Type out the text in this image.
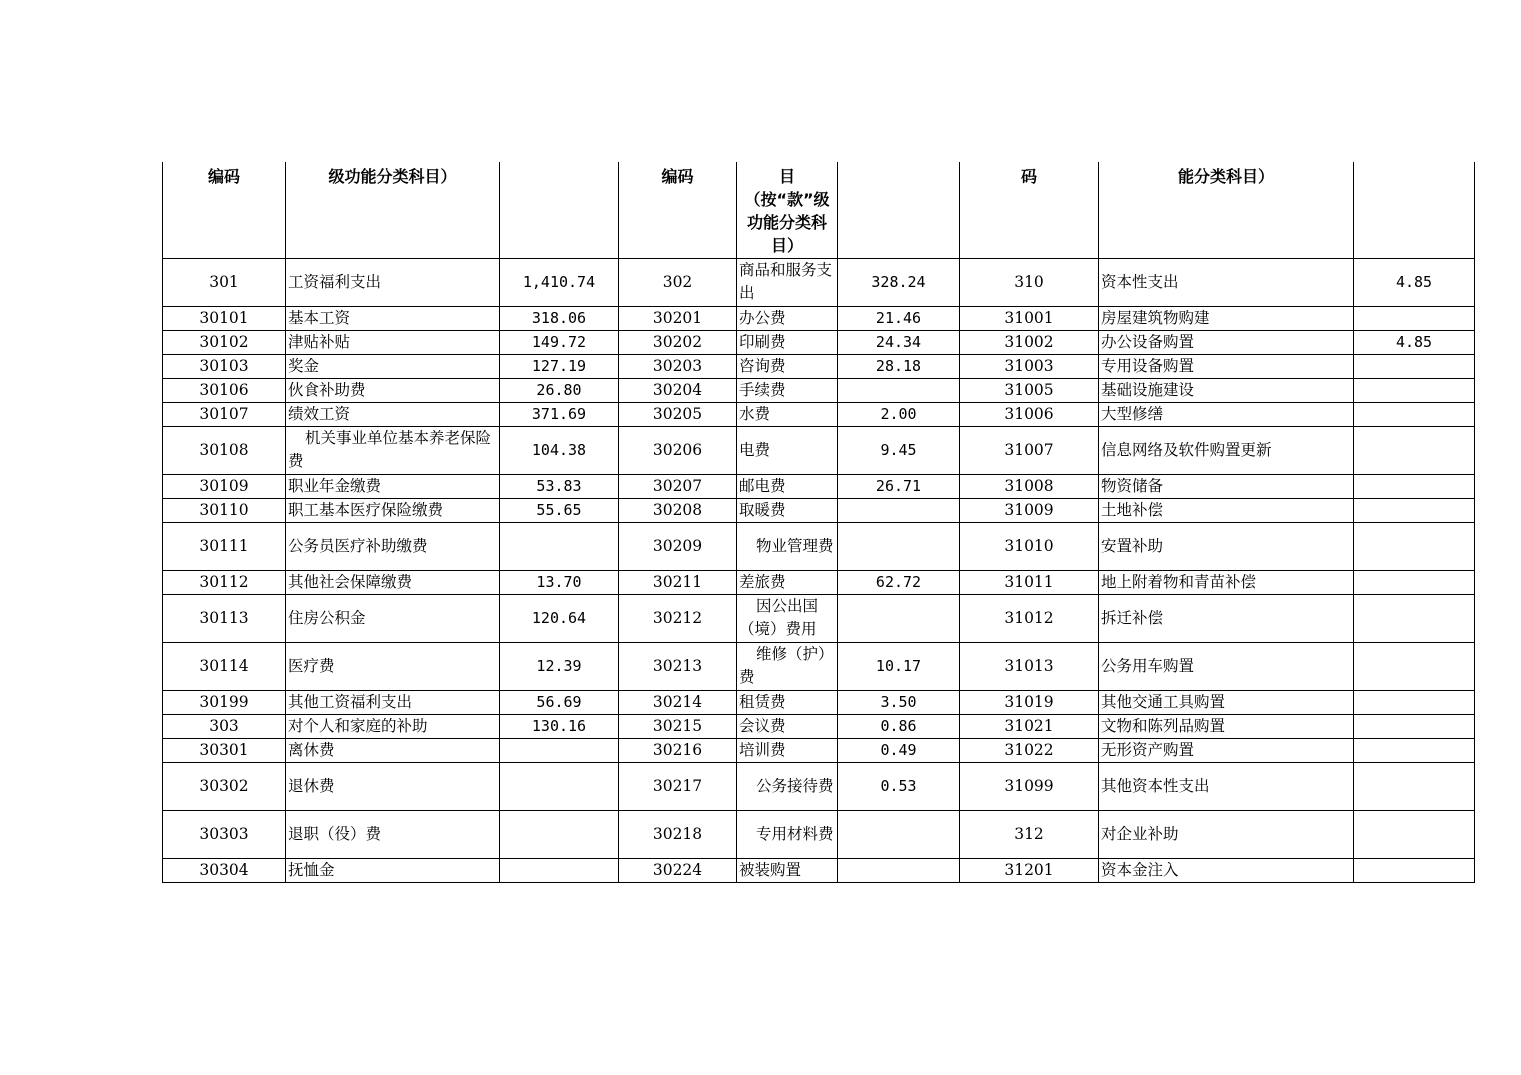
编码	级功能分类科目）		编码	目（按“款”级功能分类科目）		码	能分类科目）	
301	工资福利支出	1,410.74	302	商品和服务支出	328.24	310	资本性支出	4.85
30101	基本工资	318.06	30201	办公费	21.46	31001	房屋建筑物购建	
30102	津贴补贴	149.72	30202	印刷费	24.34	31002	办公设备购置	4.85
30103	奖金	127.19	30203	咨询费	28.18	31003	专用设备购置	
30106	伙食补助费	26.80	30204	手续费		31005	基础设施建设	
30107	绩效工资	371.69	30205	水费	2.00	31006	大型修缮	
30108	机关事业单位基本养老保险费	104.38	30206	电费	9.45	31007	信息网络及软件购置更新	
30109	职业年金缴费	53.83	30207	邮电费	26.71	31008	物资储备	
30110	职工基本医疗保险缴费	55.65	30208	取暖费		31009	土地补偿	
30111	公务员医疗补助缴费		30209	物业管理费		31010	安置补助	
30112	其他社会保障缴费	13.70	30211	差旅费	62.72	31011	地上附着物和青苗补偿	
30113	住房公积金	120.64	30212	因公出国（境）费用		31012	拆迁补偿	
30114	医疗费	12.39	30213	维修（护）费	10.17	31013	公务用车购置	
30199	其他工资福利支出	56.69	30214	租赁费	3.50	31019	其他交通工具购置	
303	对个人和家庭的补助	130.16	30215	会议费	0.86	31021	文物和陈列品购置	
30301	离休费		30216	培训费	0.49	31022	无形资产购置	
30302	退休费		30217	公务接待费	0.53	31099	其他资本性支出	
30303	退职（役）费		30218	专用材料费		312	对企业补助	
30304	抚恤金		30224	被装购置		31201	资本金注入	
